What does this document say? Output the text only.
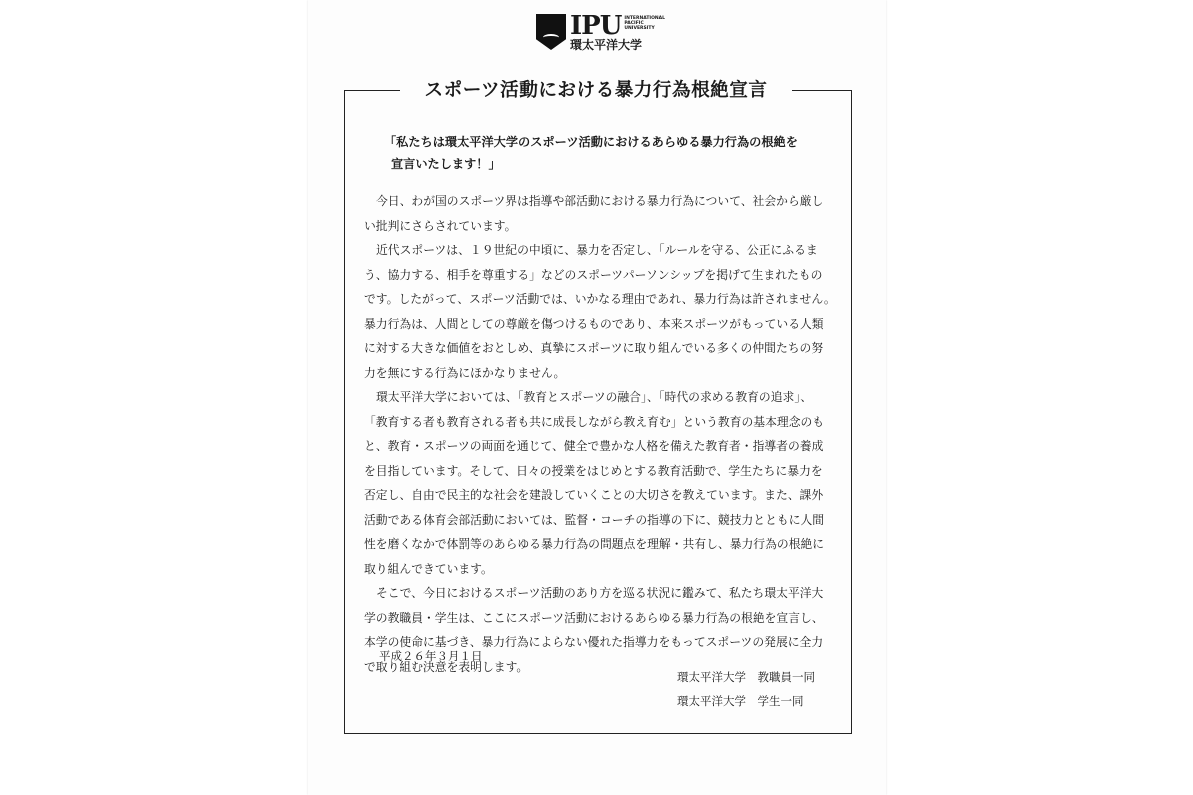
IPU INTERNATIONAL PACIFIC UNIVERSITY
環太平洋大学
スポーツ活動における暴力行為根絶宣言
「私たちは環太平洋大学のスポーツ活動におけるあらゆる暴力行為の根絶を
宣言いたします！」
今日、わが国のスポーツ界は指導や部活動における暴力行為について、社会から厳し
い批判にさらされています。
近代スポーツは、１９世紀の中頃に、暴力を否定し、「ルールを守る、公正にふるま
う、協力する、相手を尊重する」などのスポーツパーソンシップを掲げて生まれたもの
です。したがって、スポーツ活動では、いかなる理由であれ、暴力行為は許されません。
暴力行為は、人間としての尊厳を傷つけるものであり、本来スポーツがもっている人類
に対する大きな価値をおとしめ、真摯にスポーツに取り組んでいる多くの仲間たちの努
力を無にする行為にほかなりません。
環太平洋大学においては、「教育とスポーツの融合」、「時代の求める教育の追求」、
「教育する者も教育される者も共に成長しながら教え育む」という教育の基本理念のも
と、教育・スポーツの両面を通じて、健全で豊かな人格を備えた教育者・指導者の養成
を目指しています。そして、日々の授業をはじめとする教育活動で、学生たちに暴力を
否定し、自由で民主的な社会を建設していくことの大切さを教えています。また、課外
活動である体育会部活動においては、監督・コーチの指導の下に、競技力とともに人間
性を磨くなかで体罰等のあらゆる暴力行為の問題点を理解・共有し、暴力行為の根絶に
取り組んできています。
そこで、今日におけるスポーツ活動のあり方を巡る状況に鑑みて、私たち環太平洋大
学の教職員・学生は、ここにスポーツ活動におけるあらゆる暴力行為の根絶を宣言し、
本学の使命に基づき、暴力行為によらない優れた指導力をもってスポーツの発展に全力
で取り組む決意を表明します。
平成２６年３月１日
環太平洋大学　教職員一同
環太平洋大学　学生一同
